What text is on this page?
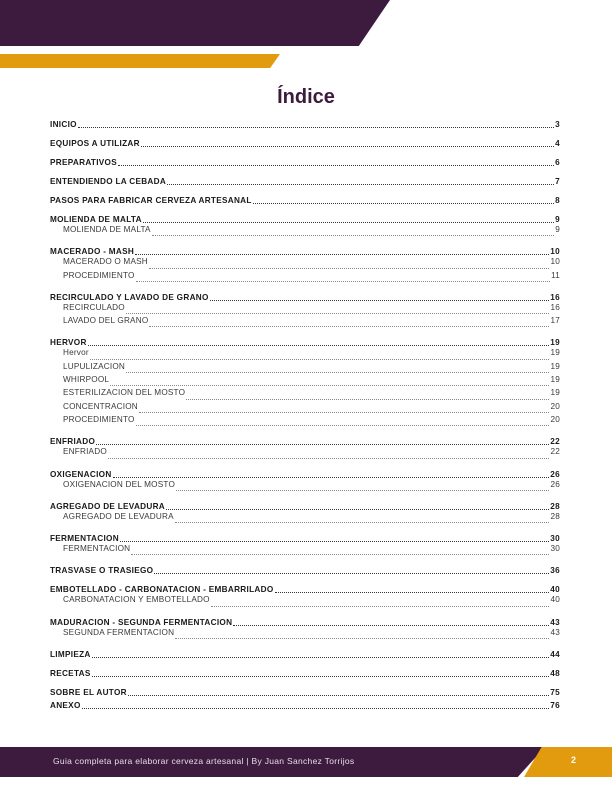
Índice
INICIO	3
EQUIPOS A UTILIZAR	4
PREPARATIVOS	6
ENTENDIENDO LA CEBADA	7
PASOS PARA FABRICAR CERVEZA ARTESANAL	8
MOLIENDA DE MALTA	9
MOLIENDA DE MALTA	9
MACERADO - MASH	10
MACERADO O MASH	10
PROCEDIMIENTO	11
RECIRCULADO Y LAVADO DE GRANO	16
RECIRCULADO	16
LAVADO DEL GRANO	17
HERVOR	19
Hervor	19
LUPULIZACION	19
WHIRPOOL	19
ESTERILIZACION DEL MOSTO	19
CONCENTRACION	20
PROCEDIMIENTO	20
ENFRIADO	22
ENFRIADO	22
OXIGENACION	26
OXIGENACION DEL MOSTO	26
AGREGADO DE LEVADURA	28
AGREGADO DE LEVADURA	28
FERMENTACION	30
FERMENTACION	30
TRASVASE O TRASIEGO	36
EMBOTELLADO - CARBONATACION - EMBARRILADO	40
CARBONATACION Y EMBOTELLADO	40
MADURACION - SEGUNDA FERMENTACION	43
SEGUNDA FERMENTACION	43
LIMPIEZA	44
RECETAS	48
SOBRE EL AUTOR	75
ANEXO	76
Guia completa para elaborar cerveza artesanal | By Juan Sanchez Torrijos	2
